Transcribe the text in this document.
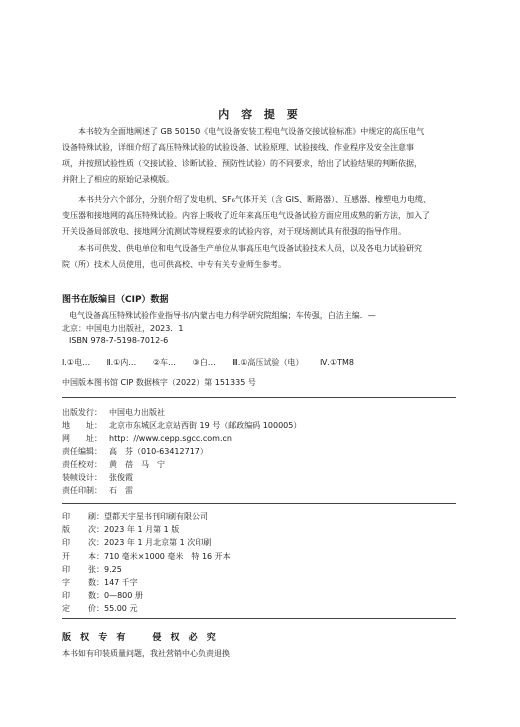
内 容 提 要

本书较为全面地阐述了 GB 50150《电气设备安装工程电气设备交接试验标准》中规定的高压电气
设备特殊试验，详细介绍了高压特殊试验的试验设备、试验原理、试验接线、作业程序及安全注意事
项，并按照试验性质（交接试验、诊断试验、预防性试验）的不同要求，给出了试验结果的判断依据，
并附上了相应的原始记录模版。

本书共分六个部分，分别介绍了发电机、SF₆气体开关（含 GIS、断路器）、互感器、橡塑电力电缆、
变压器和接地网的高压特殊试验。内容上吸收了近年来高压电气设备试验方面应用成熟的新方法，加入了
开关设备局部放电、接地网分流测试等规程要求的试验内容，对于现场测试具有很强的指导作用。

本书可供发、供电单位和电气设备生产单位从事高压电气设备试验技术人员，以及各电力试验研究
院（所）技术人员使用，也可供高校、中专有关专业师生参考。

图书在版编目（CIP）数据
电气设备高压特殊试验作业指导书/内蒙古电力科学研究院组编；车传强，白洁主编．—
北京：中国电力出版社，2023．1
ISBN 978-7-5198-7012-6
Ⅰ.①电… Ⅱ.①内… ②车… ③白… Ⅲ.①高压试验（电） Ⅳ.①TM8
中国版本图书馆 CIP 数据核字（2022）第 151335 号
出版发行： 中国电力出版社
地　　址： 北京市东城区北京站西街 19 号（邮政编码 100005）
网　　址： http：//www.cepp.sgcc.com.cn
责任编辑： 高　芬（010-63412717）
责任校对： 黄　蓓　马　宁
装帧设计： 张俊霞
责任印制： 石　雷
印	刷：望都天宇星书刊印刷有限公司
版	次：2023 年 1 月第 1 版
印	次：2023 年 1 月北京第 1 次印刷
开	本：710 毫米×1000 毫米　特 16 开本
印	张：9.25
字	数：147 千字
印	数：0—800 册
定	价：55.00 元
版 权 专 有　　侵 权 必 究
本书如有印装质量问题，我社营销中心负责退换
